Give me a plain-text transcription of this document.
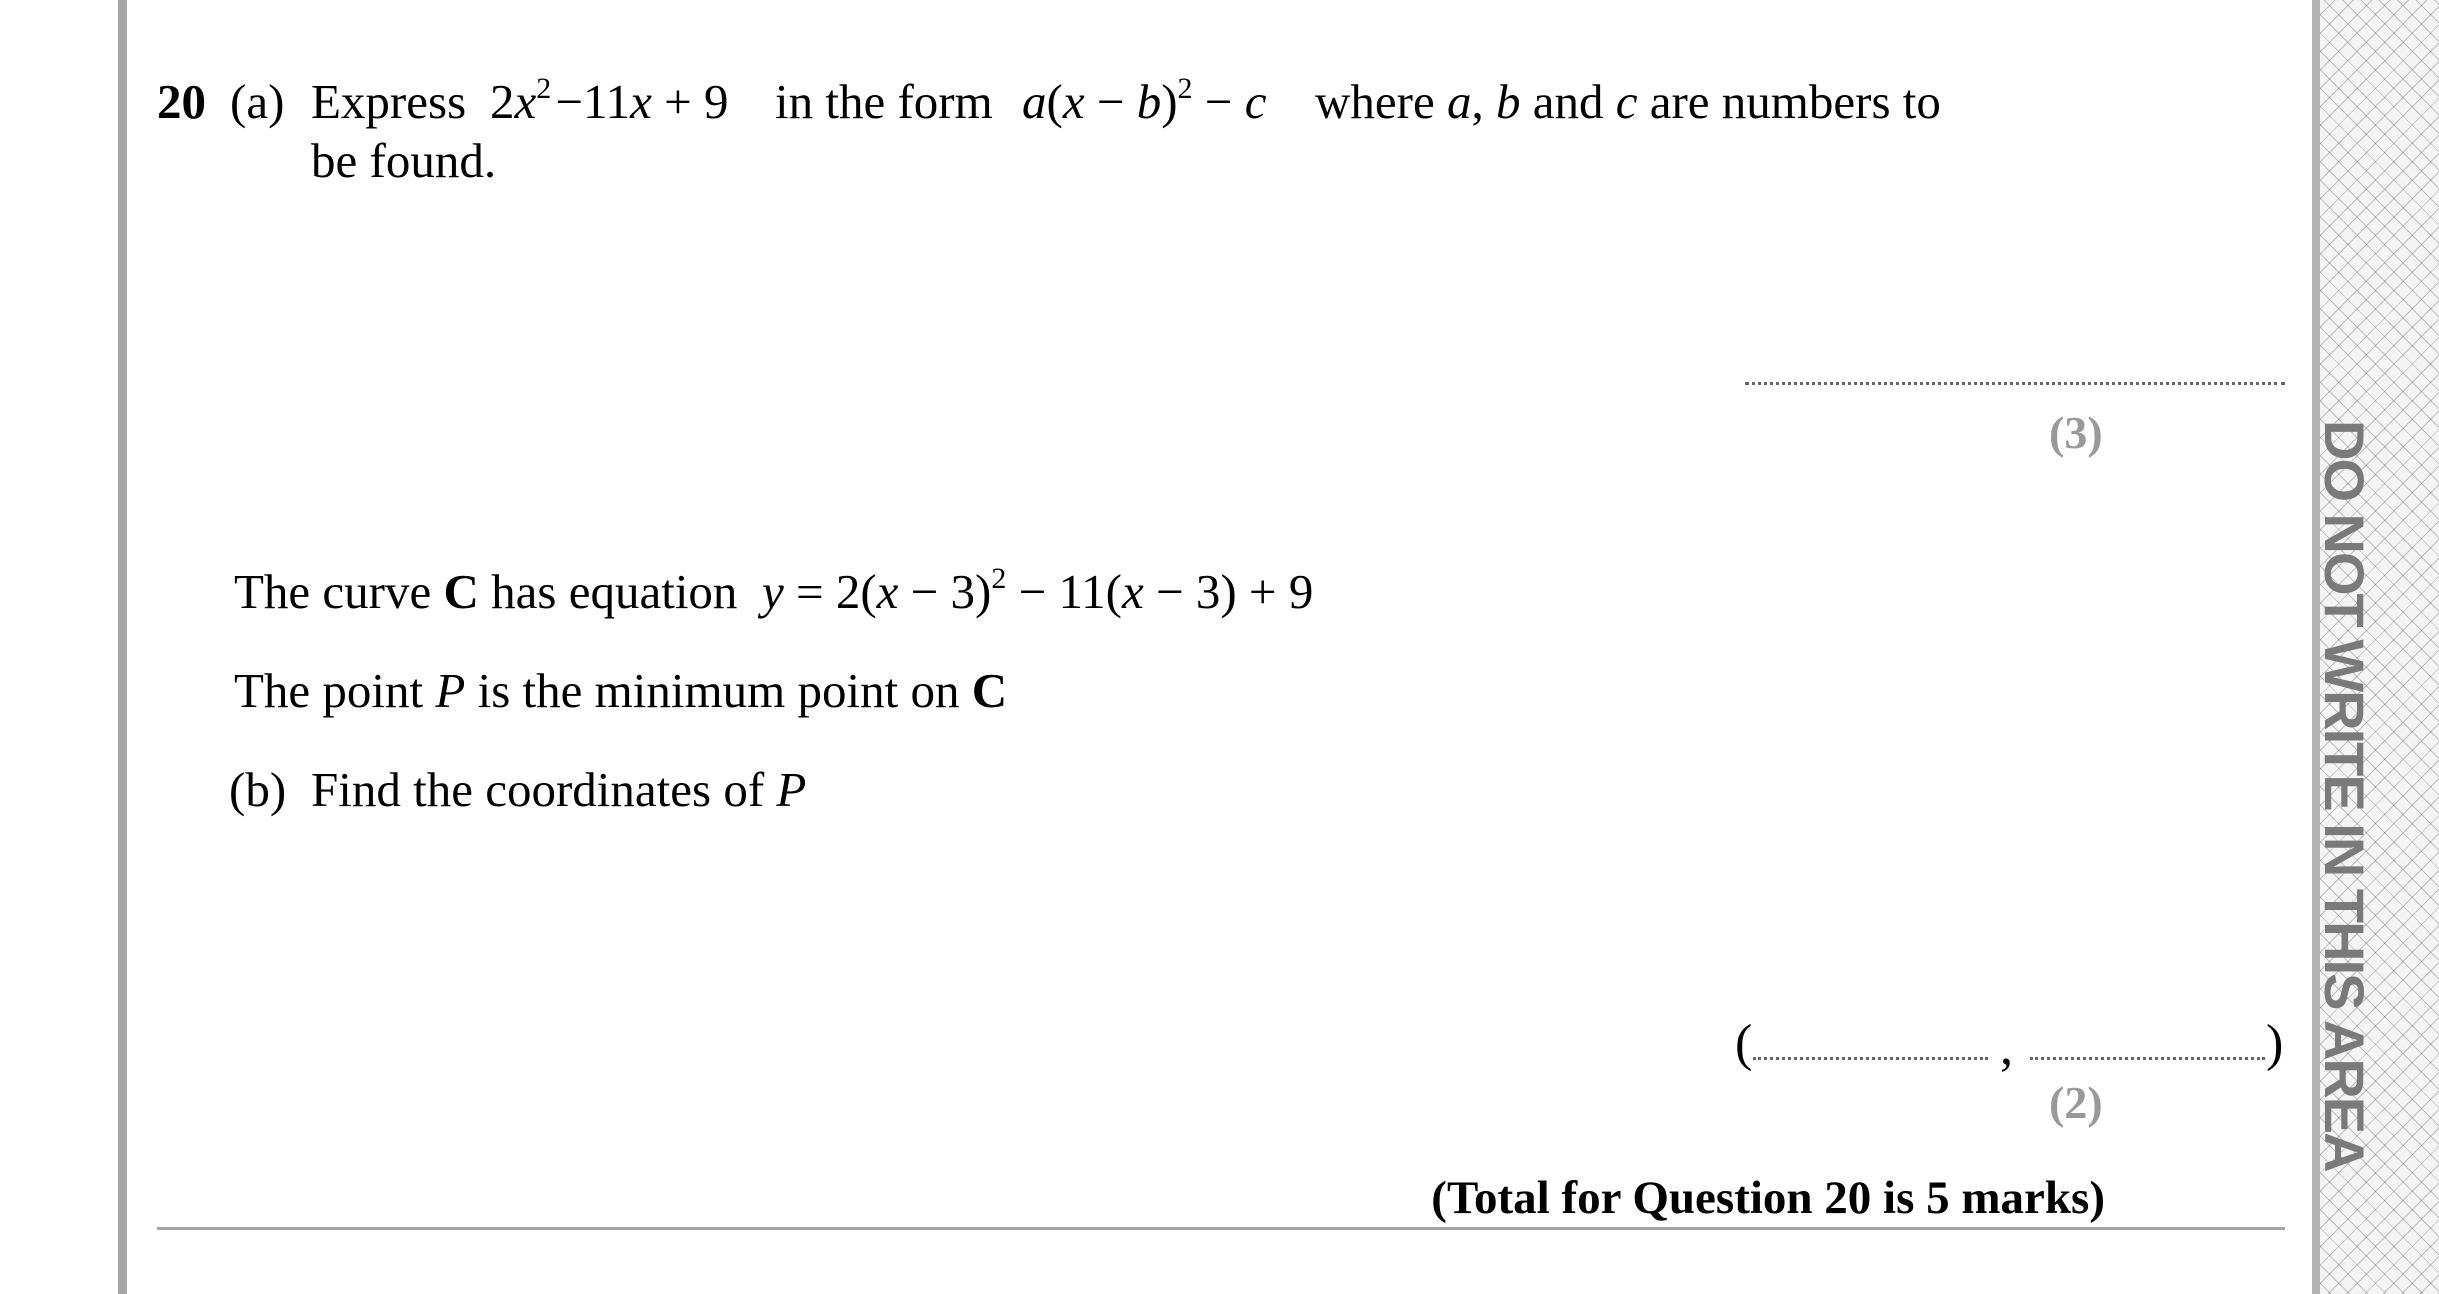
20 (a) Express $2x^2$ −11x + 9 in the form $a(x - b)^2 - c$ where a, b and c are numbers to
be found.
(3)
The curve C has equation  $y = 2(x - 3)^2 - 11(x - 3) + 9$
The point P is the minimum point on C
(b) Find the coordinates of P
(	,	)
(2)
(Total for Question 20 is 5 marks)
DO NOT WRITE IN THIS AREA
